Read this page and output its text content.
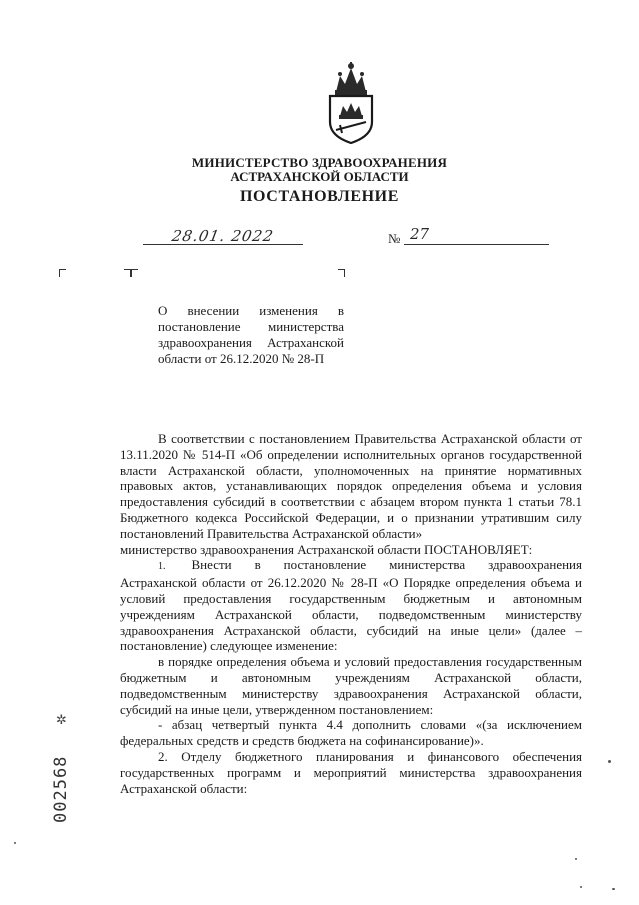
МИНИСТЕРСТВО ЗДРАВООХРАНЕНИЯ
АСТРАХАНСКОЙ ОБЛАСТИ
ПОСТАНОВЛЕНИЕ
28.01. 2022	№ 27
О внесении изменения в постановление министерства здравоохранения Астраханской области от 26.12.2020 № 28-П

В соответствии с постановлением Правительства Астраханской области от 13.11.2020 № 514-П «Об определении исполнительных органов государственной власти Астраханской области, уполномоченных на принятие нормативных правовых актов, устанавливающих порядок определения объема и условия предоставления субсидий в соответствии с абзацем втором пункта 1 статьи 78.1 Бюджетного кодекса Российской Федерации, и о признании утратившим силу постановлений Правительства Астраханской области»

министерство здравоохранения Астраханской области ПОСТАНОВЛЯЕТ:

1. Внести в постановление министерства здравоохранения Астраханской области от 26.12.2020 № 28-П «О Порядке определения объема и условий предоставления государственным бюджетным и автономным учреждениям Астраханской области, подведомственным министерству здравоохранения Астраханской области, субсидий на иные цели» (далее – постановление) следующее изменение:

в порядке определения объема и условий предоставления государственным бюджетным и автономным учреждениям Астраханской области, подведомственным министерству здравоохранения Астраханской области, субсидий на иные цели, утвержденном постановлением:

- абзац четвертый пункта 4.4 дополнить словами «(за исключением федеральных средств и средств бюджета на софинансирование)».

2. Отделу бюджетного планирования и финансового обеспечения государственных программ и мероприятий министерства здравоохранения Астраханской области:

✲
002568
